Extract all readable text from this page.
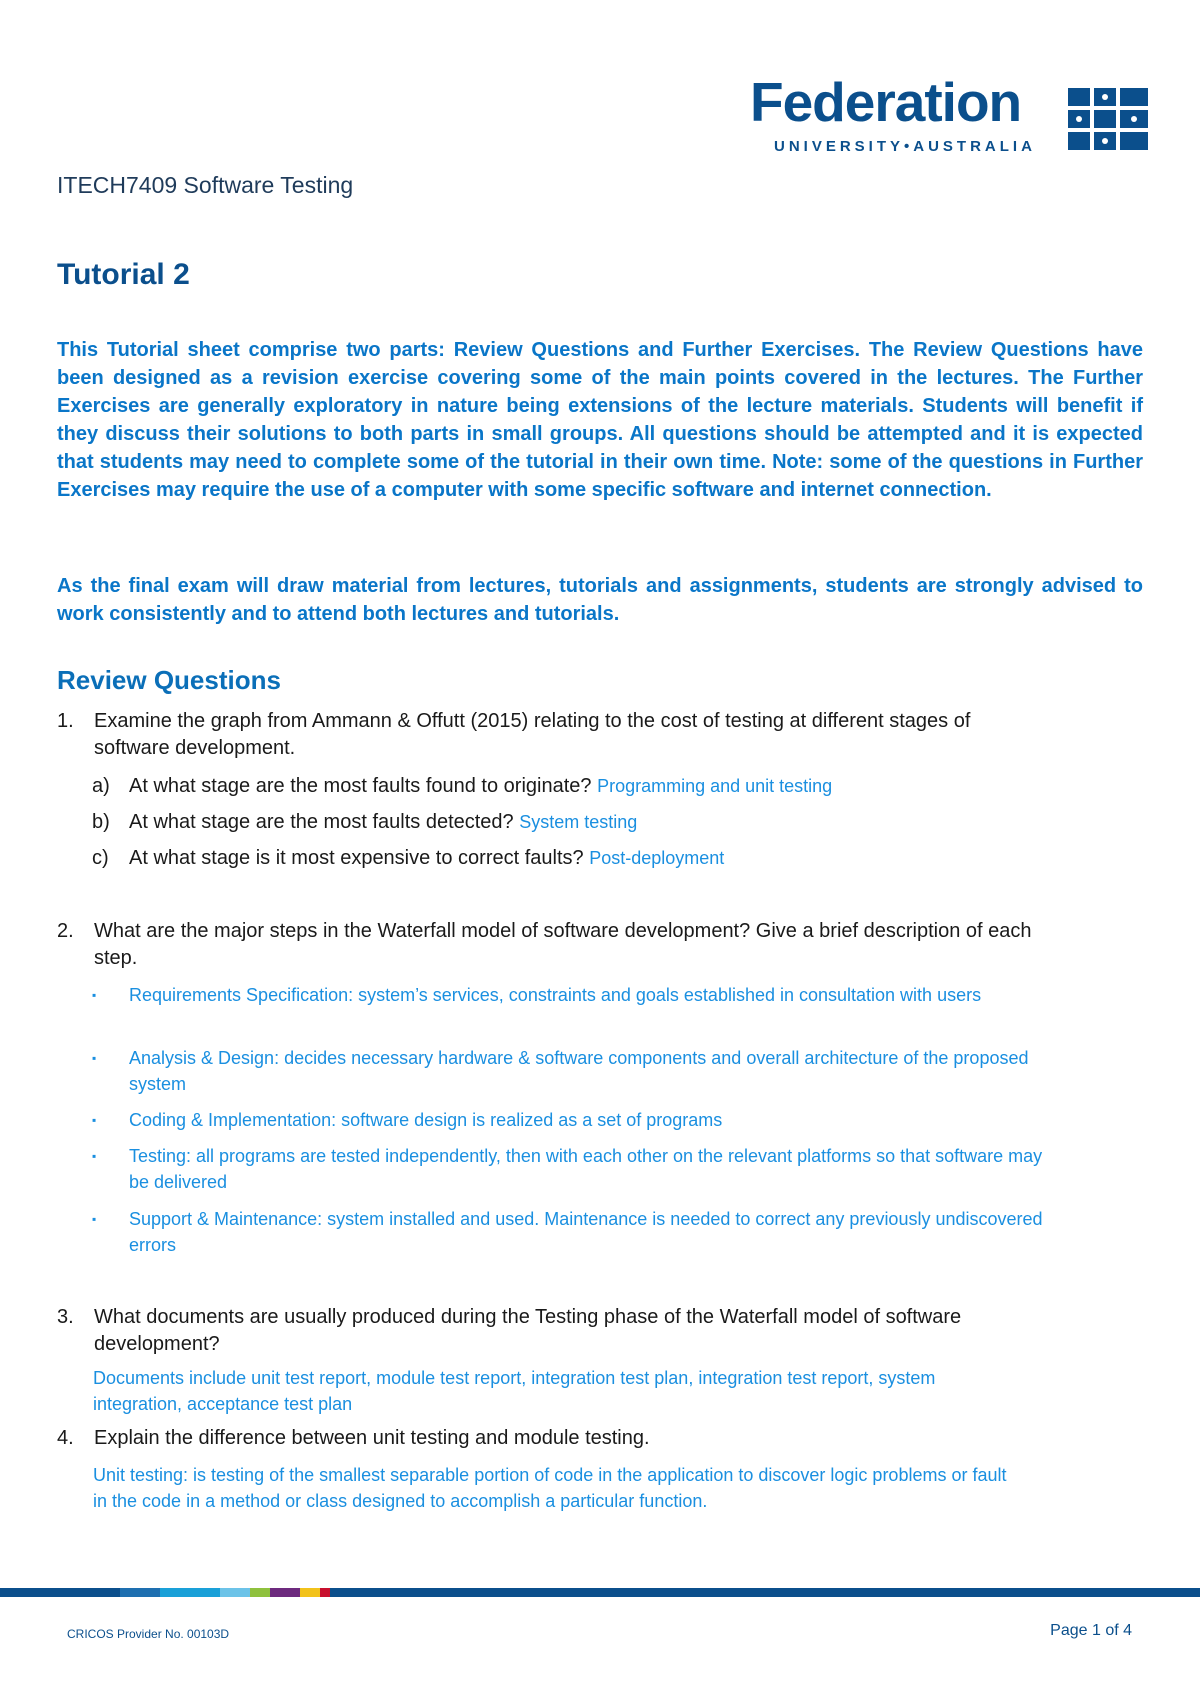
Federation
UNIVERSITY•AUSTRALIA
ITECH7409 Software Testing
Tutorial 2

This Tutorial sheet comprise two parts: Review Questions and Further Exercises. The Review Questions have been designed as a revision exercise covering some of the main points covered in the lectures. The Further Exercises are generally exploratory in nature being extensions of the lecture materials. Students will benefit if they discuss their solutions to both parts in small groups. All questions should be attempted and it is expected that students may need to complete some of the tutorial in their own time. Note: some of the questions in Further Exercises may require the use of a computer with some specific software and internet connection.

As the final exam will draw material from lectures, tutorials and assignments, students are strongly advised to work consistently and to attend both lectures and tutorials.

Review Questions
1. Examine the graph from Ammann & Offutt (2015) relating to the cost of testing at different stages of software development.
a) At what stage are the most faults found to originate? Programming and unit testing
b) At what stage are the most faults detected? System testing
c) At what stage is it most expensive to correct faults? Post-deployment
2. What are the major steps in the Waterfall model of software development? Give a brief description of each step.
▪ Requirements Specification: system’s services, constraints and goals established in consultation with users
▪ Analysis & Design: decides necessary hardware & software components and overall architecture of the proposed system
▪ Coding & Implementation: software design is realized as a set of programs
▪ Testing: all programs are tested independently, then with each other on the relevant platforms so that software may be delivered
▪ Support & Maintenance: system installed and used. Maintenance is needed to correct any previously undiscovered errors
3. What documents are usually produced during the Testing phase of the Waterfall model of software development?
Documents include unit test report, module test report, integration test plan, integration test report, system integration, acceptance test plan
4. Explain the difference between unit testing and module testing.
Unit testing: is testing of the smallest separable portion of code in the application to discover logic problems or fault in the code in a method or class designed to accomplish a particular function.
CRICOS Provider No. 00103D	Page 1 of 4
